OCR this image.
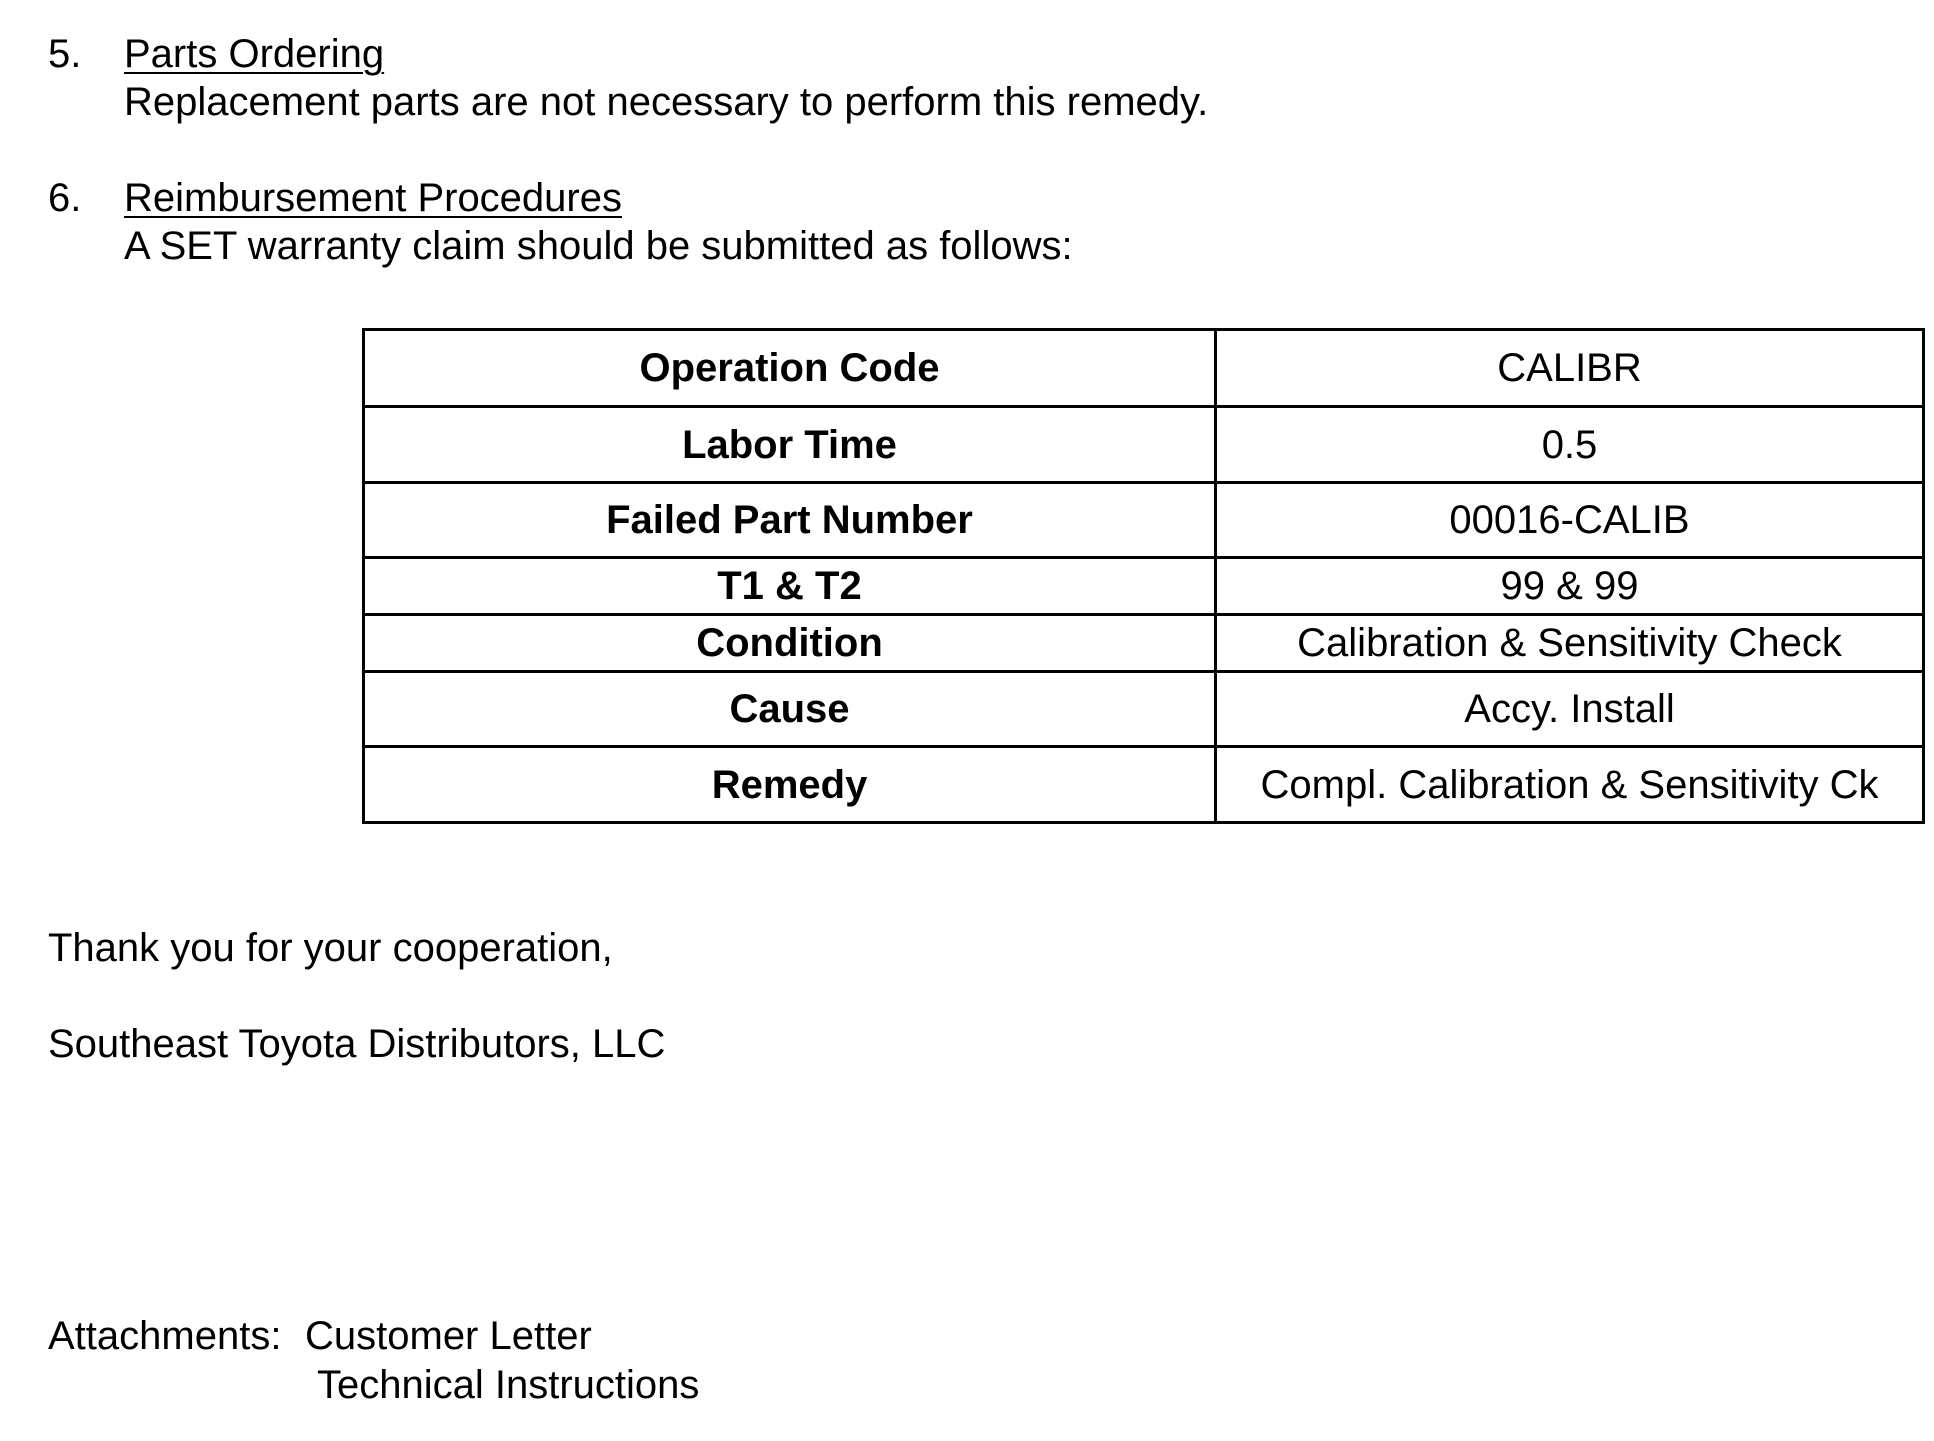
5. Parts Ordering
Replacement parts are not necessary to perform this remedy.
6. Reimbursement Procedures
A SET warranty claim should be submitted as follows:
Operation Code	CALIBR
Labor Time	0.5
Failed Part Number	00016-CALIB
T1 & T2	99 & 99
Condition	Calibration & Sensitivity Check
Cause	Accy. Install
Remedy	Compl. Calibration & Sensitivity Ck
Thank you for your cooperation,
Southeast Toyota Distributors, LLC
Attachments: Customer Letter
Technical Instructions
